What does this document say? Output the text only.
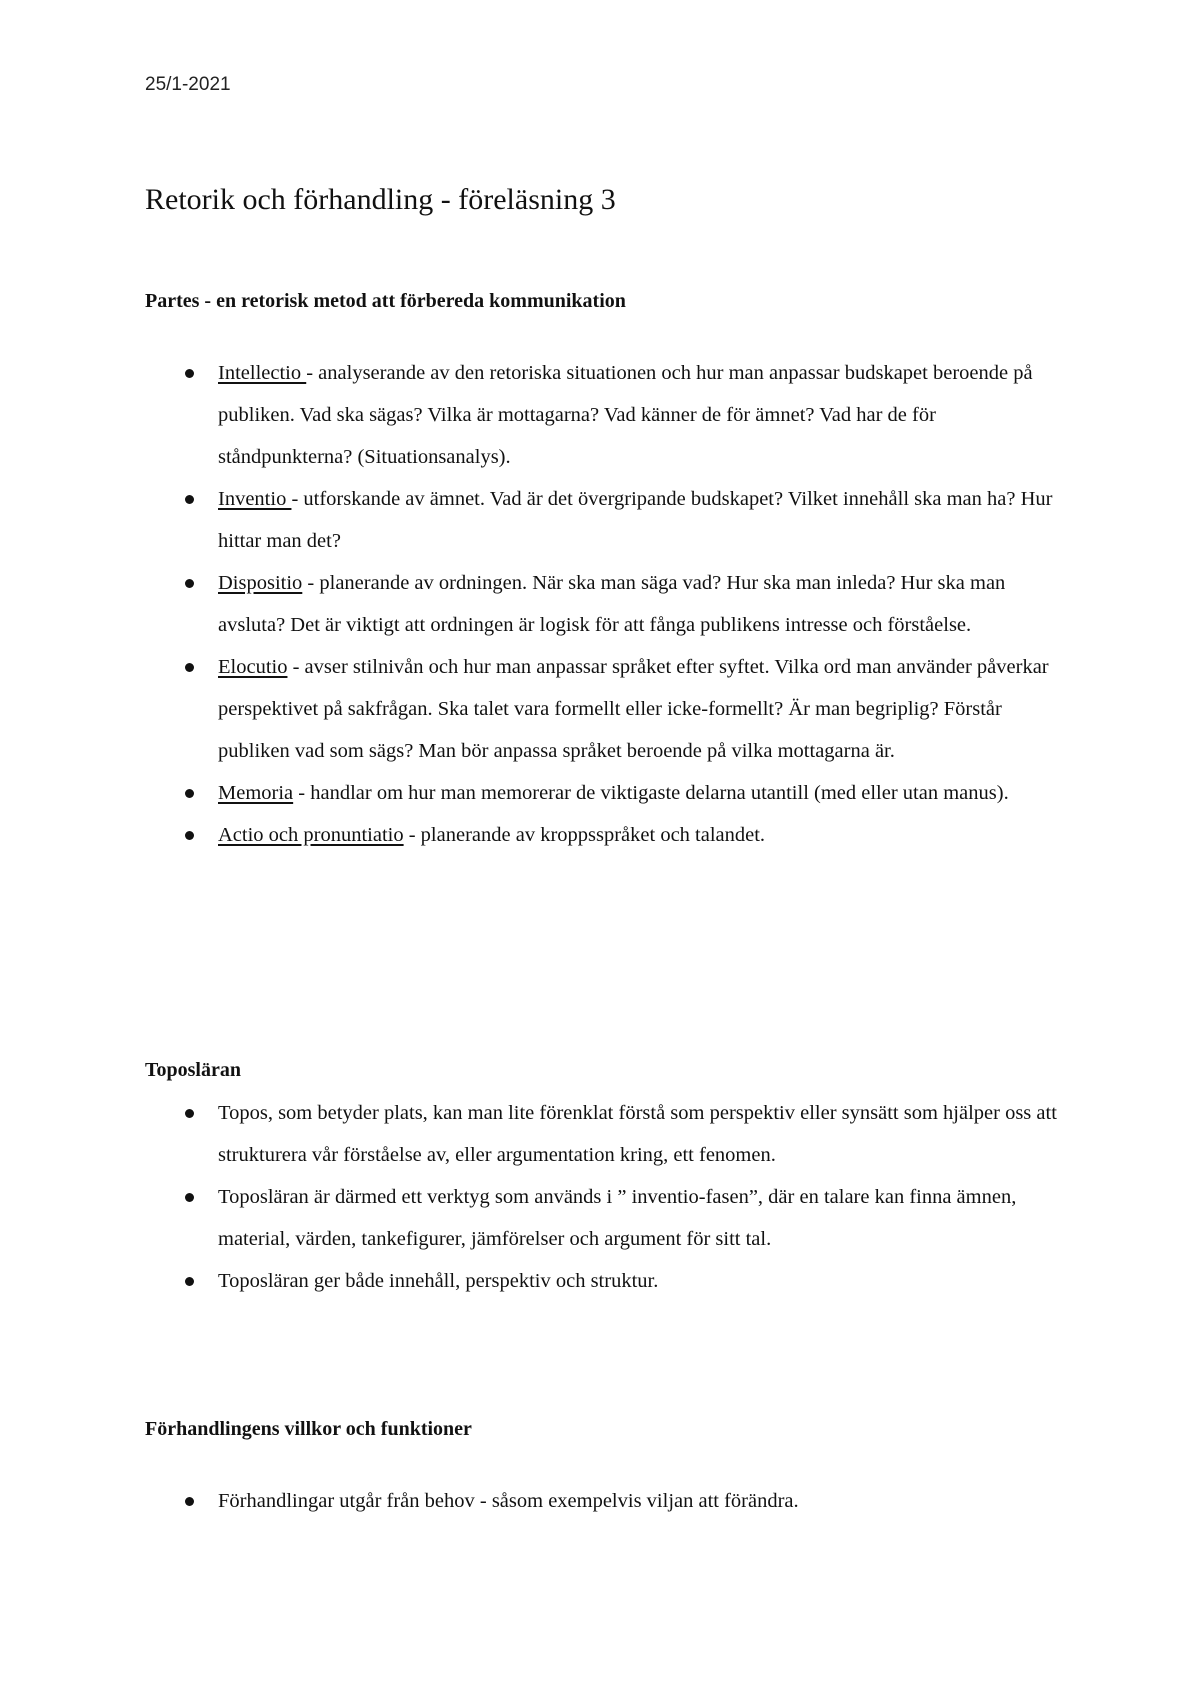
25/1-2021
Retorik och förhandling - föreläsning 3
Partes - en retorisk metod att förbereda kommunikation
Intellectio - analyserande av den retoriska situationen och hur man anpassar budskapet beroende på publiken. Vad ska sägas? Vilka är mottagarna? Vad känner de för ämnet? Vad har de för ståndpunkterna? (Situationsanalys).
Inventio - utforskande av ämnet. Vad är det övergripande budskapet? Vilket innehåll ska man ha? Hur hittar man det?
Dispositio - planerande av ordningen. När ska man säga vad? Hur ska man inleda? Hur ska man avsluta? Det är viktigt att ordningen är logisk för att fånga publikens intresse och förståelse.
Elocutio - avser stilnivån och hur man anpassar språket efter syftet. Vilka ord man använder påverkar perspektivet på sakfrågan. Ska talet vara formellt eller icke-formellt? Är man begriplig? Förstår publiken vad som sägs? Man bör anpassa språket beroende på vilka mottagarna är.
Memoria - handlar om hur man memorerar de viktigaste delarna utantill (med eller utan manus).
Actio och pronuntiatio - planerande av kroppsspråket och talandet.
Toposläran
Topos, som betyder plats, kan man lite förenklat förstå som perspektiv eller synsätt som hjälper oss att strukturera vår förståelse av, eller argumentation kring, ett fenomen.
Toposläran är därmed ett verktyg som används i ” inventio-fasen”, där en talare kan finna ämnen, material, värden, tankefigurer, jämförelser och argument för sitt tal.
Toposläran ger både innehåll, perspektiv och struktur.
Förhandlingens villkor och funktioner
Förhandlingar utgår från behov - såsom exempelvis viljan att förändra.
